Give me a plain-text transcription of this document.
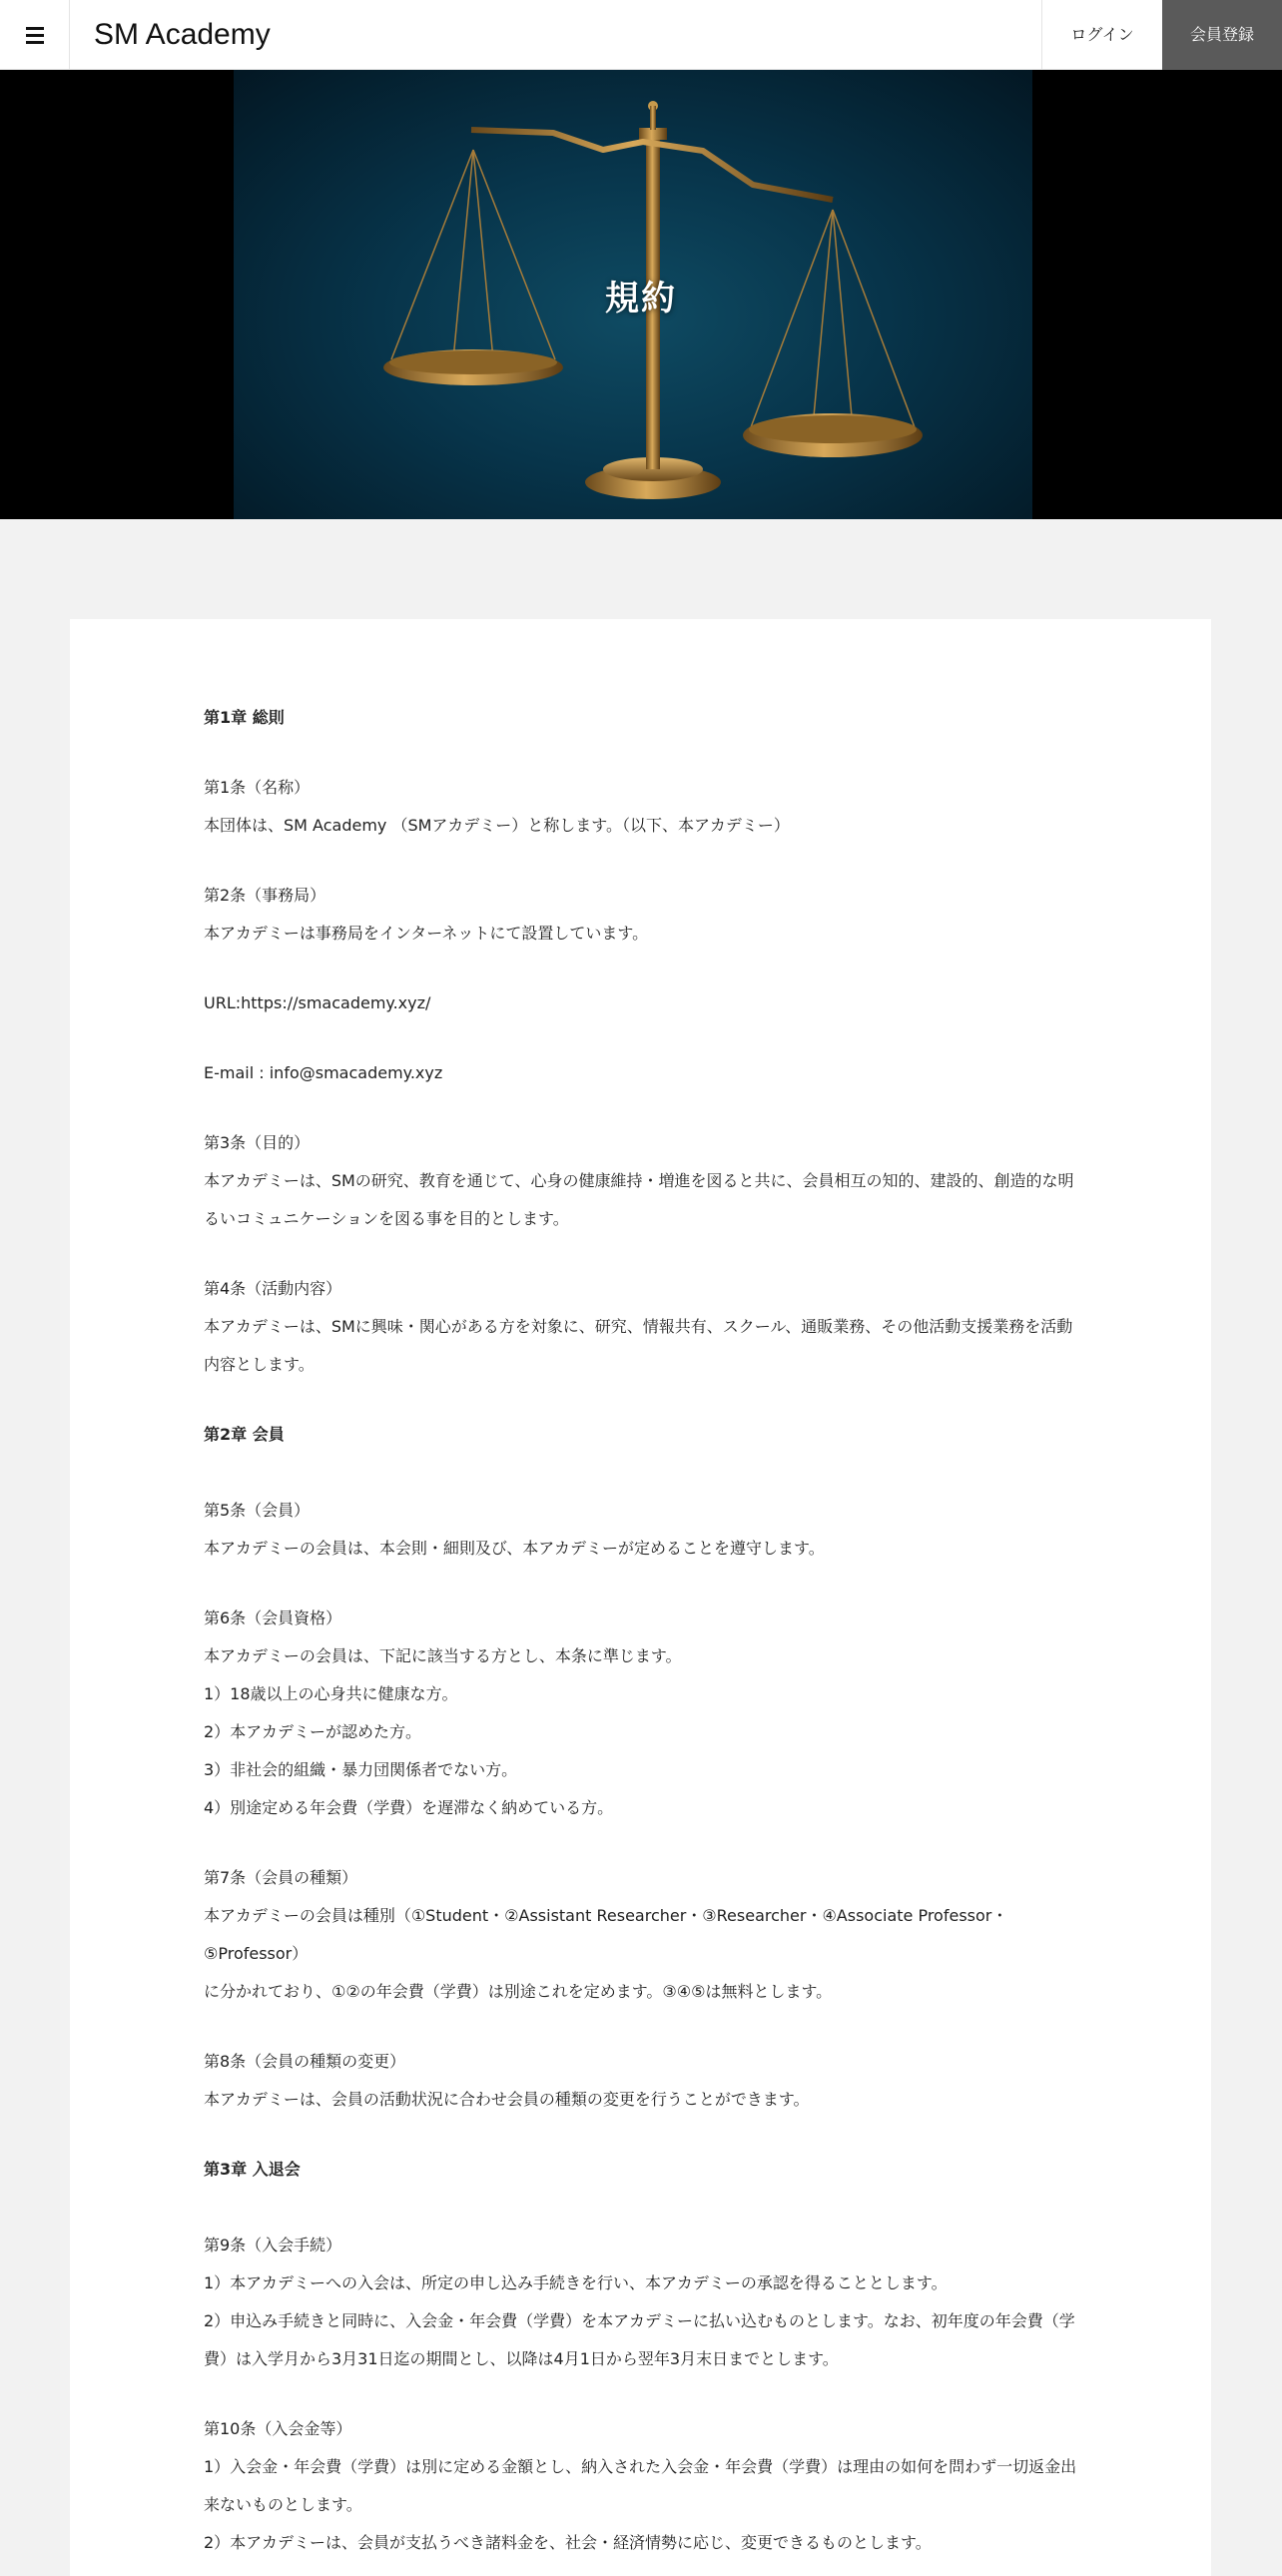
SM Academy	ログイン	会員登録
規約

第1章 総則

第1条（名称）

本団体は、SM Academy （SMアカデミー）と称します。（以下、本アカデミー）

第2条（事務局）

本アカデミーは事務局をインターネットにて設置しています。

URL:https://smacademy.xyz/

E-mail : info@smacademy.xyz

第3条（目的）

本アカデミーは、SMの研究、教育を通じて、心身の健康維持・増進を図ると共に、会員相互の知的、建設的、創造的な明

るいコミュニケーションを図る事を目的とします。

第4条（活動内容）

本アカデミーは、SMに興味・関心がある方を対象に、研究、情報共有、スクール、通販業務、その他活動支援業務を活動

内容とします。

第2章 会員

第5条（会員）

本アカデミーの会員は、本会則・細則及び、本アカデミーが定めることを遵守します。

第6条（会員資格）

本アカデミーの会員は、下記に該当する方とし、本条に準じます。

1）18歳以上の心身共に健康な方。

2）本アカデミーが認めた方。

3）非社会的組織・暴力団関係者でない方。

4）別途定める年会費（学費）を遅滞なく納めている方。

第7条（会員の種類）

本アカデミーの会員は種別（①Student・②Assistant Researcher・③Researcher・④Associate Professor・⑤Professor）

に分かれており、①②の年会費（学費）は別途これを定めます。③④⑤は無料とします。

第8条（会員の種類の変更）

本アカデミーは、会員の活動状況に合わせ会員の種類の変更を行うことができます。

第3章 入退会

第9条（入会手続）

1）本アカデミーへの入会は、所定の申し込み手続きを行い、本アカデミーの承認を得ることとします。

2）申込み手続きと同時に、入会金・年会費（学費）を本アカデミーに払い込むものとします。なお、初年度の年会費（学

費）は入学月から3月31日迄の期間とし、以降は4月1日から翌年3月末日までとします。

第10条（入会金等）

1）入会金・年会費（学費）は別に定める金額とし、納入された入会金・年会費（学費）は理由の如何を問わず一切返金出

来ないものとします。

2）本アカデミーは、会員が支払うべき諸料金を、社会・経済情勢に応じ、変更できるものとします。
